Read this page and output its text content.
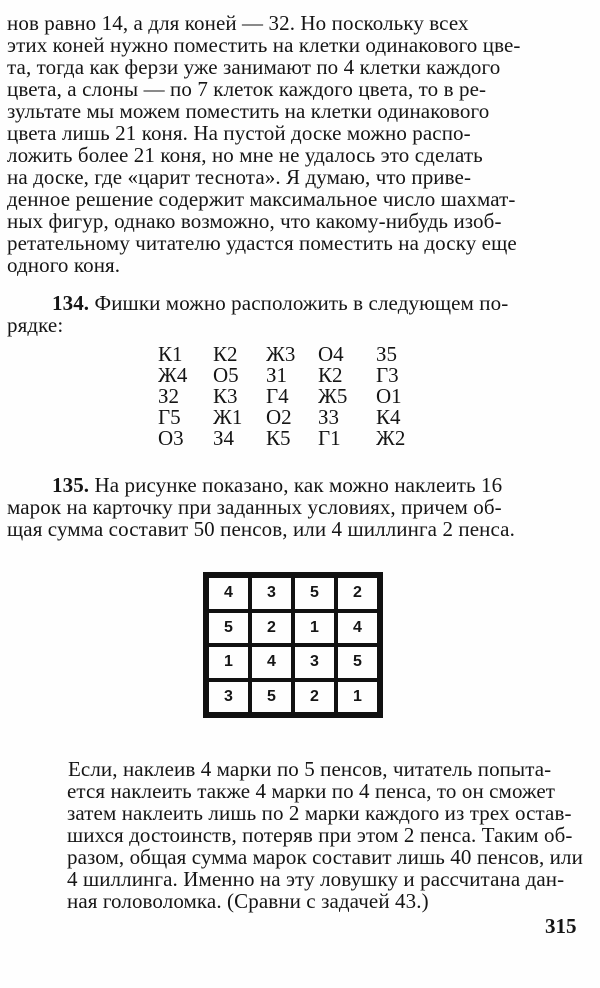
нов равно 14, а для коней — 32. Но поскольку всех
этих коней нужно поместить на клетки одинакового цве-
та, тогда как ферзи уже занимают по 4 клетки каждого
цвета, а слоны — по 7 клеток каждого цвета, то в ре-
зультате мы можем поместить на клетки одинакового
цвета лишь 21 коня. На пустой доске можно распо-
ложить более 21 коня, но мне не удалось это сделать
на доске, где «царит теснота». Я думаю, что приве-
денное решение содержит максимальное число шахмат-
ных фигур, однако возможно, что какому-нибудь изоб-
ретательному читателю удастся поместить на доску еще
одного коня.
134. Фишки можно расположить в следующем по-
рядке:
К1 К2 Ж3 О4 З5
Ж4 О5 З1 К2 Г3
З2 К3 Г4 Ж5 О1
Г5 Ж1 О2 З3 К4
О3 З4 К5 Г1 Ж2
135. На рисунке показано, как можно наклеить 16
марок на карточку при заданных условиях, причем об-
щая сумма составит 50 пенсов, или 4 шиллинга 2 пенса.
4	3	5	2
5	2	1	4
1	4	3	5
3	5	2	1
Если, наклеив 4 марки по 5 пенсов, читатель попыта-
ется наклеить также 4 марки по 4 пенса, то он сможет
затем наклеить лишь по 2 марки каждого из трех остав-
шихся достоинств, потеряв при этом 2 пенса. Таким об-
разом, общая сумма марок составит лишь 40 пенсов, или
4 шиллинга. Именно на эту ловушку и рассчитана дан-
ная головоломка. (Сравни с задачей 43.)
315
